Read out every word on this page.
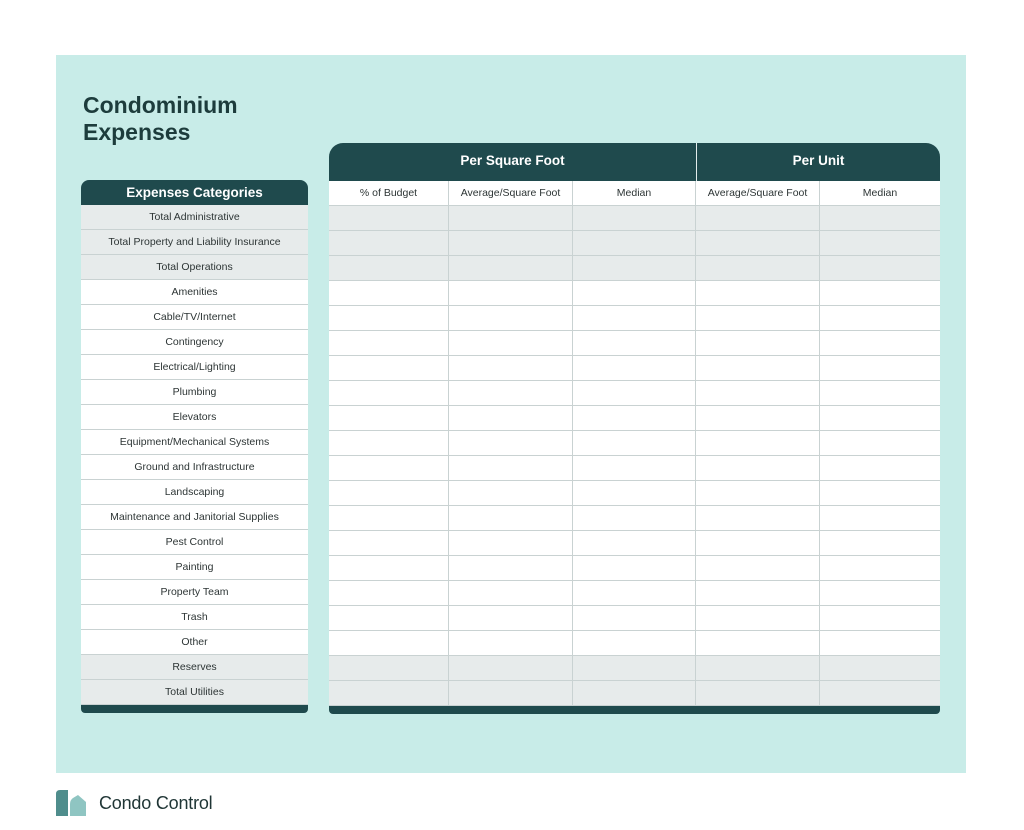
Condominium
Expenses
Expenses Categories
Total Administrative
Total Property and Liability Insurance
Total Operations
Amenities
Cable/TV/Internet
Contingency
Electrical/Lighting
Plumbing
Elevators
Equipment/Mechanical Systems
Ground and Infrastructure
Landscaping
Maintenance and Janitorial Supplies
Pest Control
Painting
Property Team
Trash
Other
Reserves
Total Utilities
Per Square Foot	Per Unit
% of Budget	Average/Square Foot	Median	Average/Square Foot	Median
Condo Control
